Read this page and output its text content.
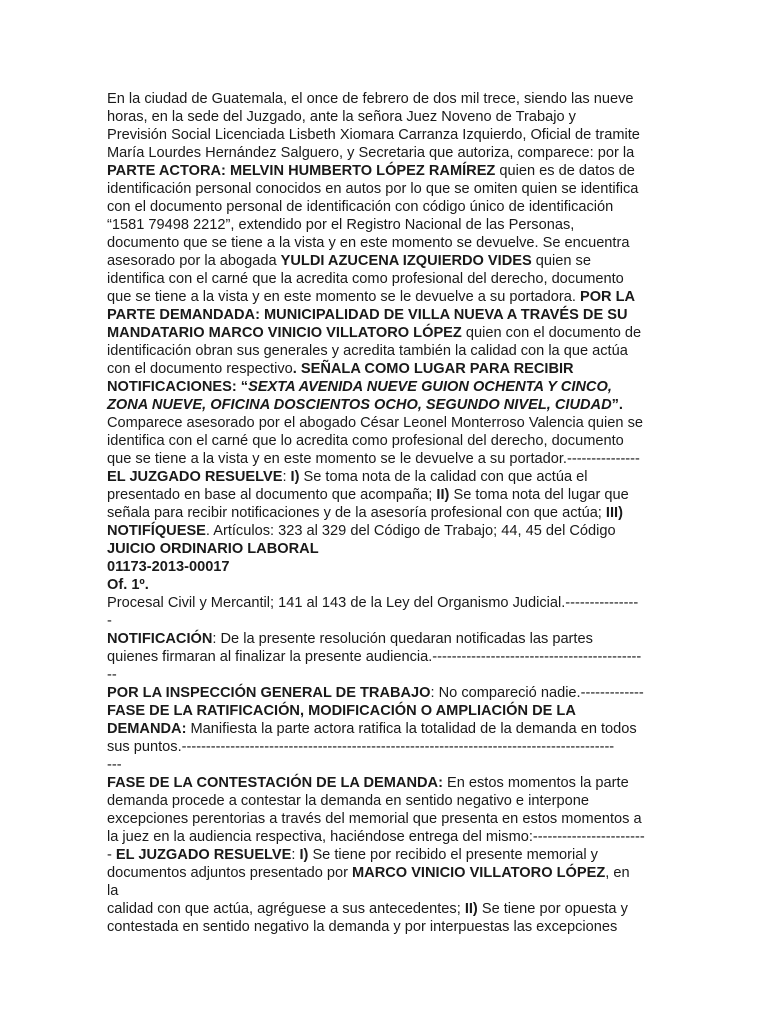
En la ciudad de Guatemala, el once de febrero de dos mil trece, siendo las nueve
horas, en la sede del Juzgado, ante la señora Juez Noveno de Trabajo y
Previsión Social Licenciada Lisbeth Xiomara Carranza Izquierdo, Oficial de tramite
María Lourdes Hernández Salguero, y Secretaria que autoriza, comparece: por la
PARTE ACTORA: MELVIN HUMBERTO LÓPEZ RAMÍREZ quien es de datos de
identificación personal conocidos en autos por lo que se omiten quien se identifica
con el documento personal de identificación con código único de identificación
“1581 79498 2212”, extendido por el Registro Nacional de las Personas,
documento que se tiene a la vista y en este momento se devuelve. Se encuentra
asesorado por la abogada YULDI AZUCENA IZQUIERDO VIDES quien se
identifica con el carné que la acredita como profesional del derecho, documento
que se tiene a la vista y en este momento se le devuelve a su portadora. POR LA
PARTE DEMANDADA: MUNICIPALIDAD DE VILLA NUEVA A TRAVÉS DE SU
MANDATARIO MARCO VINICIO VILLATORO LÓPEZ quien con el documento de
identificación obran sus generales y acredita también la calidad con la que actúa
con el documento respectivo. SEÑALA COMO LUGAR PARA RECIBIR
NOTIFICACIONES: “SEXTA AVENIDA NUEVE GUION OCHENTA Y CINCO,
ZONA NUEVE, OFICINA DOSCIENTOS OCHO, SEGUNDO NIVEL, CIUDAD”.
Comparece asesorado por el abogado César Leonel Monterroso Valencia quien se
identifica con el carné que lo acredita como profesional del derecho, documento
que se tiene a la vista y en este momento se le devuelve a su portador.---------------
EL JUZGADO RESUELVE: I) Se toma nota de la calidad con que actúa el
presentado en base al documento que acompaña; II) Se toma nota del lugar que
señala para recibir notificaciones y de la asesoría profesional con que actúa; III)
NOTIFÍQUESE. Artículos: 323 al 329 del Código de Trabajo; 44, 45 del Código
JUICIO ORDINARIO LABORAL
01173-2013-00017
Of. 1º.
Procesal Civil y Mercantil; 141 al 143 de la Ley del Organismo Judicial.---------------
-
NOTIFICACIÓN: De la presente resolución quedaran notificadas las partes
quienes firmaran al finalizar la presente audiencia.-------------------------------------------
--
POR LA INSPECCIÓN GENERAL DE TRABAJO: No compareció nadie.-------------
FASE DE LA RATIFICACIÓN, MODIFICACIÓN O AMPLIACIÓN DE LA
DEMANDA: Manifiesta la parte actora ratifica la totalidad de la demanda en todos
sus puntos.-----------------------------------------------------------------------------------------
---
FASE DE LA CONTESTACIÓN DE LA DEMANDA: En estos momentos la parte
demanda procede a contestar la demanda en sentido negativo e interpone
excepciones perentorias a través del memorial que presenta en estos momentos a
la juez en la audiencia respectiva, haciéndose entrega del mismo:-----------------------
- EL JUZGADO RESUELVE: I) Se tiene por recibido el presente memorial y
documentos adjuntos presentado por MARCO VINICIO VILLATORO LÓPEZ, en
la
calidad con que actúa, agréguese a sus antecedentes; II) Se tiene por opuesta y
contestada en sentido negativo la demanda y por interpuestas las excepciones
